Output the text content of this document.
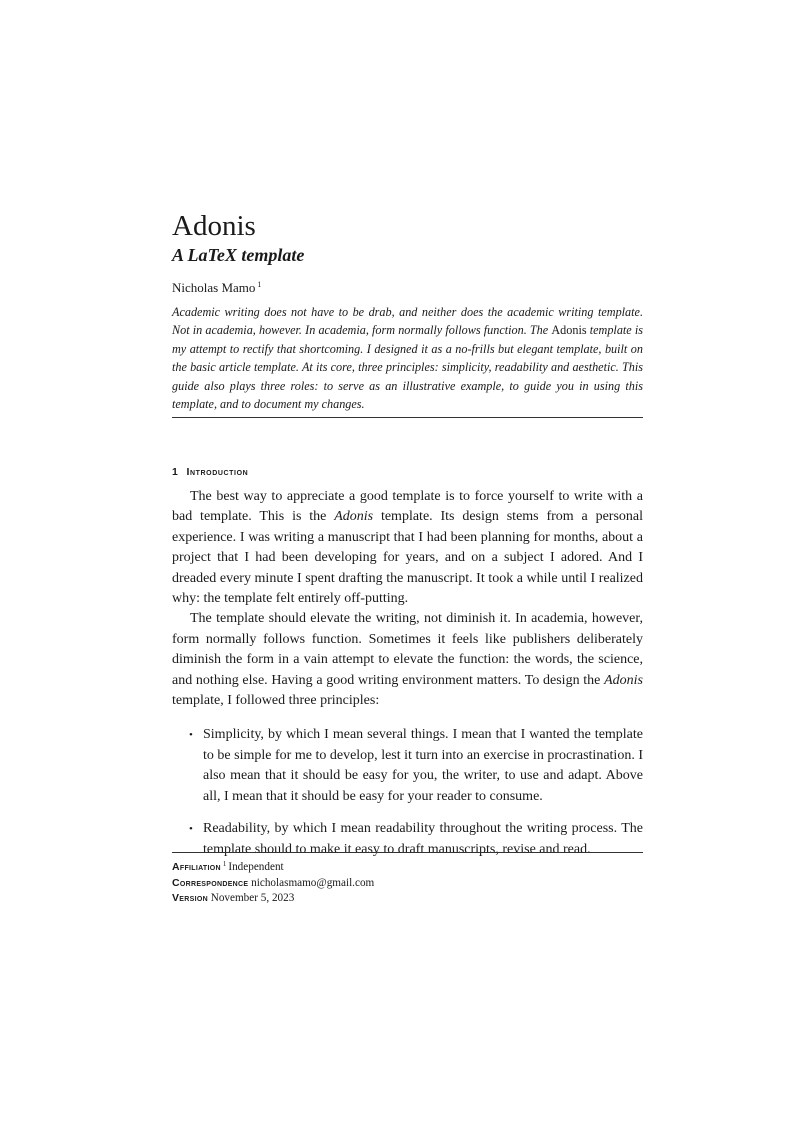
Adonis
A LaTeX template
Nicholas Mamo $^1$

Academic writing does not have to be drab, and neither does the academic writing template. Not in academia, however. In academia, form normally follows function. The Adonis template is my attempt to rectify that shortcoming. I designed it as a no-frills but elegant template, built on the basic article template. At its core, three principles: simplicity, readability and aesthetic. This guide also plays three roles: to serve as an illustrative example, to guide you in using this template, and to document my changes.

1 Introduction

The best way to appreciate a good template is to force yourself to write with a bad template. This is the Adonis template. Its design stems from a personal experience. I was writing a manuscript that I had been planning for months, about a project that I had been developing for years, and on a subject I adored. And I dreaded every minute I spent drafting the manuscript. It took a while until I realized why: the template felt entirely off-putting.

The template should elevate the writing, not diminish it. In academia, however, form normally follows function. Sometimes it feels like publishers deliberately diminish the form in a vain attempt to elevate the function: the words, the science, and nothing else. Having a good writing environment matters. To design the Adonis template, I followed three principles:

• Simplicity, by which I mean several things. I mean that I wanted the template to be simple for me to develop, lest it turn into an exercise in procrastination. I also mean that it should be easy for you, the writer, to use and adapt. Above all, I mean that it should be easy for your reader to consume.
• Readability, by which I mean readability throughout the writing process. The template should to make it easy to draft manuscripts, revise and read.
Affiliation $^1$ Independent
Correspondence nicholasmamo@gmail.com
Version November 5, 2023
